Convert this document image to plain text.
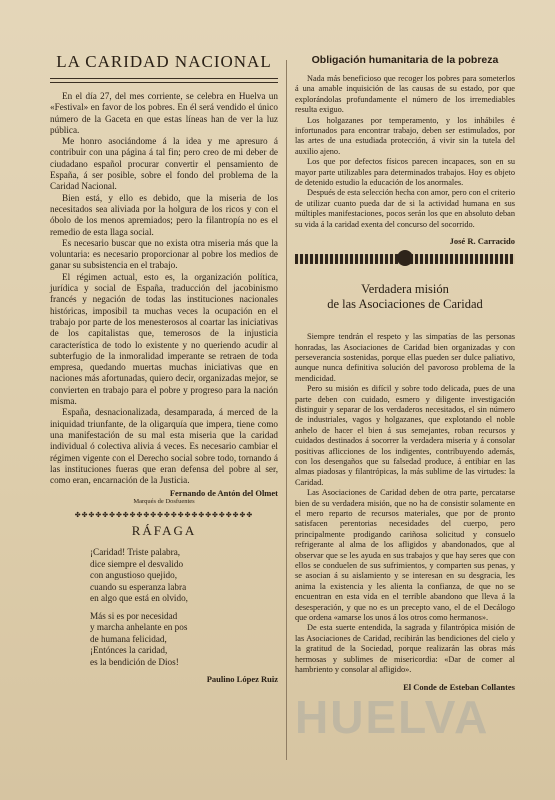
LA CARIDAD NACIONAL

En el día 27, del mes corriente, se celebra en Huelva un «Festival» en favor de los pobres. En él será vendido el único número de la Gaceta en que estas líneas han de ver la luz pública.

Me honro asociándome á la idea y me apresuro á contribuir con una página á tal fin; pero creo de mi deber de ciudadano español procurar convertir el pensamiento de España, á ser posible, sobre el fondo del problema de la Caridad Nacional.

Bien está, y ello es debido, que la miseria de los necesitados sea aliviada por la holgura de los ricos y con el óbolo de los menos apremiados; pero la filantropía no es el remedio de esta llaga social.

Es necesario buscar que no exista otra miseria más que la voluntaria: es necesario proporcionar al pobre los medios de ganar su subsistencia en el trabajo.

El régimen actual, esto es, la organización política, jurídica y social de España, traducción del jacobinismo francés y negación de todas las instituciones nacionales históricas, imposibil ta muchas veces la ocupación en el trabajo por parte de los menesterosos al coartar las iniciativas de los capitalistas que, temerosos de la injusticia característica de todo lo existente y no queriendo acudir al subterfugio de la inmoralidad imperante se retraen de toda empresa, quedando muertas muchas iniciativas que en naciones más afortunadas, quiero decir, organizadas mejor, se convierten en trabajo para el pobre y progreso para la nación misma.

España, desnacionalizada, desamparada, á merced de la iniquidad triunfante, de la oligarquía que impera, tiene como una manifestación de su mal esta miseria que la caridad individual ó colectiva alivia á veces. Es necesario cambiar el régimen vigente con el Derecho social sobre todo, tornando á las instituciones fueras que eran defensa del pobre al ser, como eran, encarnación de la Justicia.

Fernando de Antón del Olmet
Marqués de Dosfuentes
✤✤✤✤✤✤✤✤✤✤✤✤✤✤✤✤✤✤✤✤✤✤✤✤✤✤
RÁFAGA
¡Caridad! Triste palabra,
dice siempre el desvalido
con angustioso quejido,
cuando su esperanza labra
en algo que está en olvido,
Más si es por necesidad
y marcha anhelante en pos
de humana felicidad,
¡Entónces la caridad,
es la bendición de Dios!
Paulino López Ruiz
Obligación humanitaria de la pobreza

Nada más beneficioso que recoger los pobres para someterlos á una amable inquisición de las causas de su estado, por que explorándolas profundamente el número de los irremediables resulta exiguo.

Los holgazanes por temperamento, y los inhábiles é infortunados para encontrar trabajo, deben ser estimulados, por las artes de una estudiada protección, á vivir sin la tutela del auxilio ajeno.

Los que por defectos físicos parecen incapaces, son en su mayor parte utilizables para determinados trabajos. Hoy es objeto de detenido estudio la educación de los anormales.

Después de esta selección hecha con amor, pero con el criterio de utilizar cuanto pueda dar de si la actividad humana en sus múltiples manifestaciones, pocos serán los que en absoluto deban su vida á la caridad exenta del concurso del socorrido.

José R. Carracido
Verdadera misión
de las Asociaciones de Caridad

Siempre tendrán el respeto y las simpatías de las personas honradas, las Asociaciones de Caridad bien organizadas y con perseverancia sostenidas, porque ellas pueden ser dulce paliativo, aunque nunca definitiva solución del pavoroso problema de la mendicidad.

Pero su misión es difícil y sobre todo delicada, pues de una parte deben con cuidado, esmero y diligente investigación distinguir y separar de los verdaderos necesitados, el sin número de industriales, vagos y holgazanes, que explotando el noble anhelo de hacer el bien á sus semejantes, roban recursos y cuidados destinados á socorrer la verdadera miseria y á consolar positivas aflicciones de los indigentes, contribuyendo además, con los desengaños que su falsedad produce, á entibiar en las almas piadosas y filantrópicas, la más sublime de las virtudes: la Caridad.

Las Asociaciones de Caridad deben de otra parte, percatarse bien de su verdadera misión, que no ha de consistir solamente en el mero reparto de recursos materiales, que por de pronto satisfacen perentorias necesidades del cuerpo, pero principalmente prodigando cariñosa solicitud y consuelo refrigerante al alma de los afligidos y abandonados, que al observar que se les ayuda en sus trabajos y que hay seres que con ellos se conduelen de sus sufrimientos, y comparten sus penas, y se asocian á su aislamiento y se interesan en su desgracia, les anima la existencia y les alienta la confianza, de que no se encuentran en esta vida en el terrible abandono que lleva á la desesperación, y que no es un precepto vano, el de el Decálogo que ordena «amarse los unos á los otros como hermanos».

De esta suerte entendida, la sagrada y filantrópica misión de las Asociaciones de Caridad, recibirán las bendiciones del cielo y la gratitud de la Sociedad, porque realizarán las obras más hermosas y sublimes de misericordia: «Dar de comer al hambriento y consolar al afligido».

El Conde de Esteban Collantes
HUELVA
